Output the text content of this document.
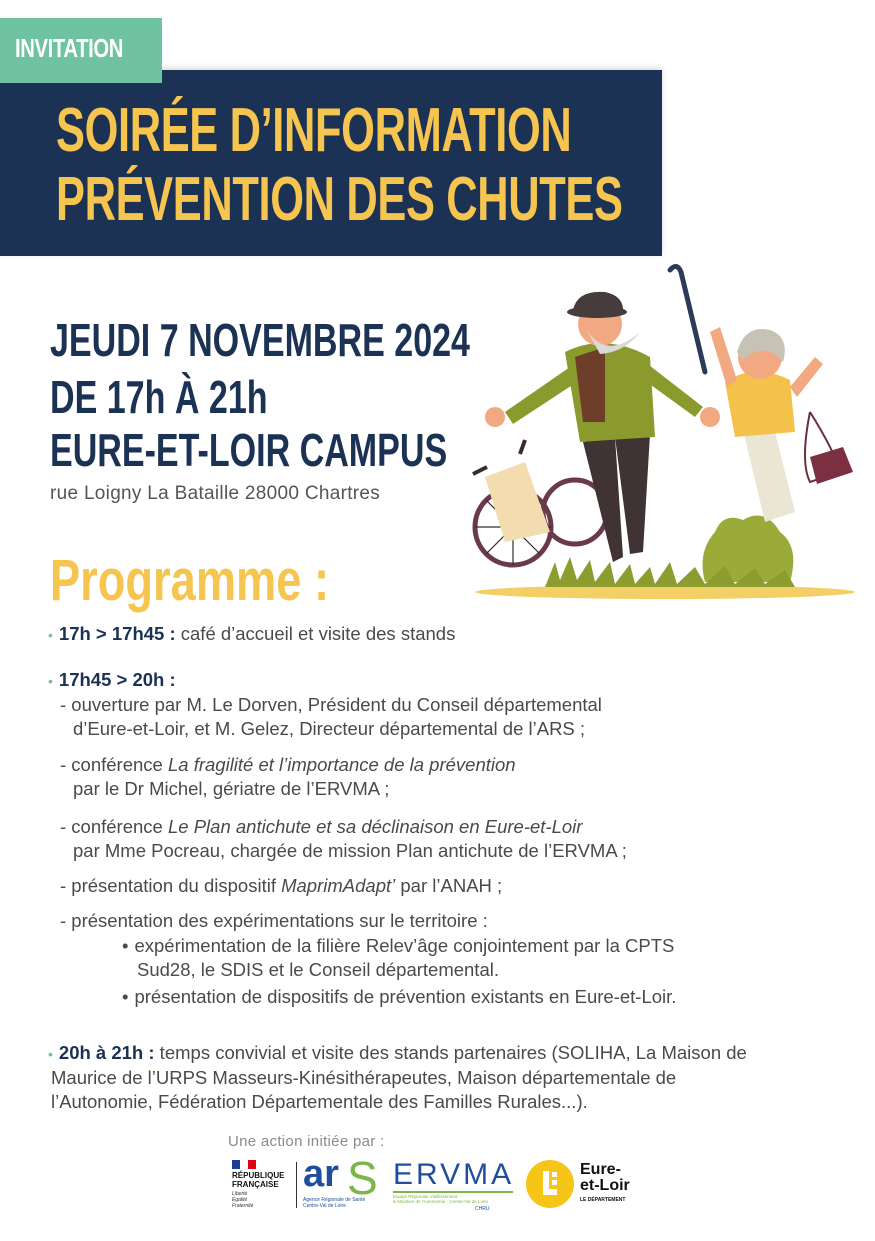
INVITATION
SOIRÉE D’INFORMATION
PRÉVENTION DES CHUTES
JEUDI 7 NOVEMBRE 2024
DE 17h À 21h
EURE-ET-LOIR CAMPUS
rue Loigny La Bataille 28000 Chartres
Programme :
• 17h > 17h45 : café d’accueil et visite des stands
• 17h45 > 20h :
- ouverture par M. Le Dorven, Président du Conseil départemental
d’Eure-et-Loir, et M. Gelez, Directeur départemental de l’ARS ;
- conférence La fragilité et l’importance de la prévention
par le Dr Michel, gériatre de l’ERVMA ;
- conférence Le Plan antichute et sa déclinaison en Eure-et-Loir
par Mme Pocreau, chargée de mission Plan antichute de l’ERVMA ;
- présentation du dispositif MaprimAdapt’ par l’ANAH ;
- présentation des expérimentations sur le territoire :
• expérimentation de la filière Relev’âge conjointement par la CPTS
Sud28, le SDIS et le Conseil départemental.
• présentation de dispositifs de prévention existants en Eure-et-Loir.
• 20h à 21h : temps convivial et visite des stands partenaires (SOLIHA, La Maison de
Maurice de l’URPS Masseurs-Kinésithérapeutes, Maison départementale de
l’Autonomie, Fédération Départementale des Familles Rurales...).
Une action initiée par :
RÉPUBLIQUE
FRANÇAISE
Liberté
Égalité
Fraternité
ar S
Agence Régionale de Santé
Centre-Val de Loire
ERVMA
Equipe Régionale Vieillissement
& Maintien de l’Autonomie - Centre-Val de Loire
CHRU
Eure-
et-Loir
LE DÉPARTEMENT
